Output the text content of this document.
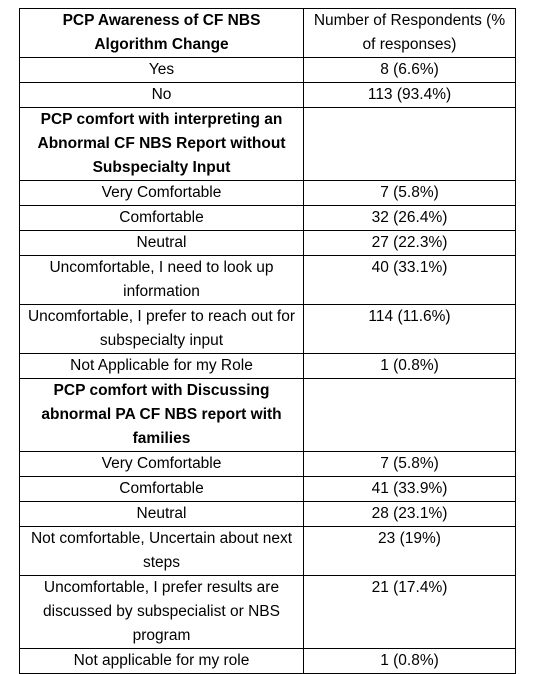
PCP Awareness of CF NBS Algorithm Change	Number of Respondents (% of responses)
Yes	8 (6.6%)
No	113 (93.4%)
PCP comfort with interpreting an Abnormal CF NBS Report without Subspecialty Input	
Very Comfortable	7 (5.8%)
Comfortable	32 (26.4%)
Neutral	27 (22.3%)
Uncomfortable, I need to look up information	40 (33.1%)
Uncomfortable, I prefer to reach out for subspecialty input	114 (11.6%)
Not Applicable for my Role	1 (0.8%)
PCP comfort with Discussing abnormal PA CF NBS report with families	
Very Comfortable	7 (5.8%)
Comfortable	41 (33.9%)
Neutral	28 (23.1%)
Not comfortable, Uncertain about next steps	23 (19%)
Uncomfortable, I prefer results are discussed by subspecialist or NBS program	21 (17.4%)
Not applicable for my role	1 (0.8%)
